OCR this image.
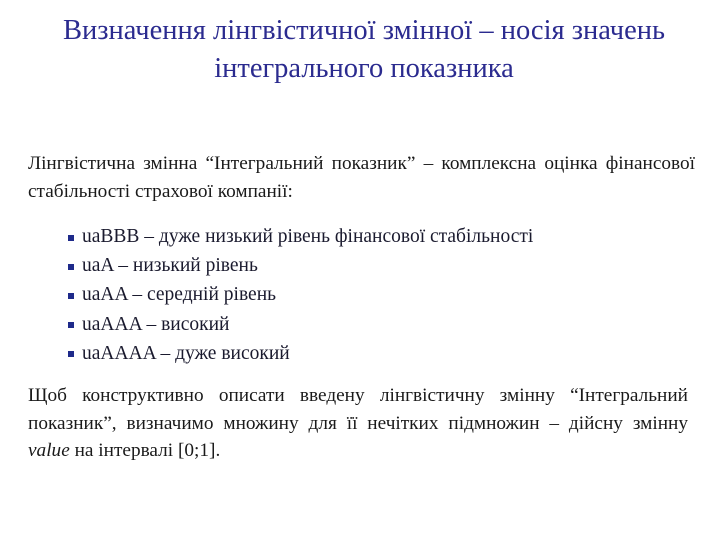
Визначення лінгвістичної змінної – носія значень
інтегрального показника

Лінгвістична змінна “Інтегральний показник” – комплексна оцінка фінансової стабільності страхової компанії:

uaBBB – дуже низький рівень фінансової стабільності
uaA – низький рівень
uaAA – середній рівень
uaAAA – високий
uaAAAA – дуже високий

Щоб конструктивно описати введену лінгвістичну змінну “Інтегральний показник”, визначимо множину для її нечітких підмножин – дійсну змінну value на інтервалі [0;1].
